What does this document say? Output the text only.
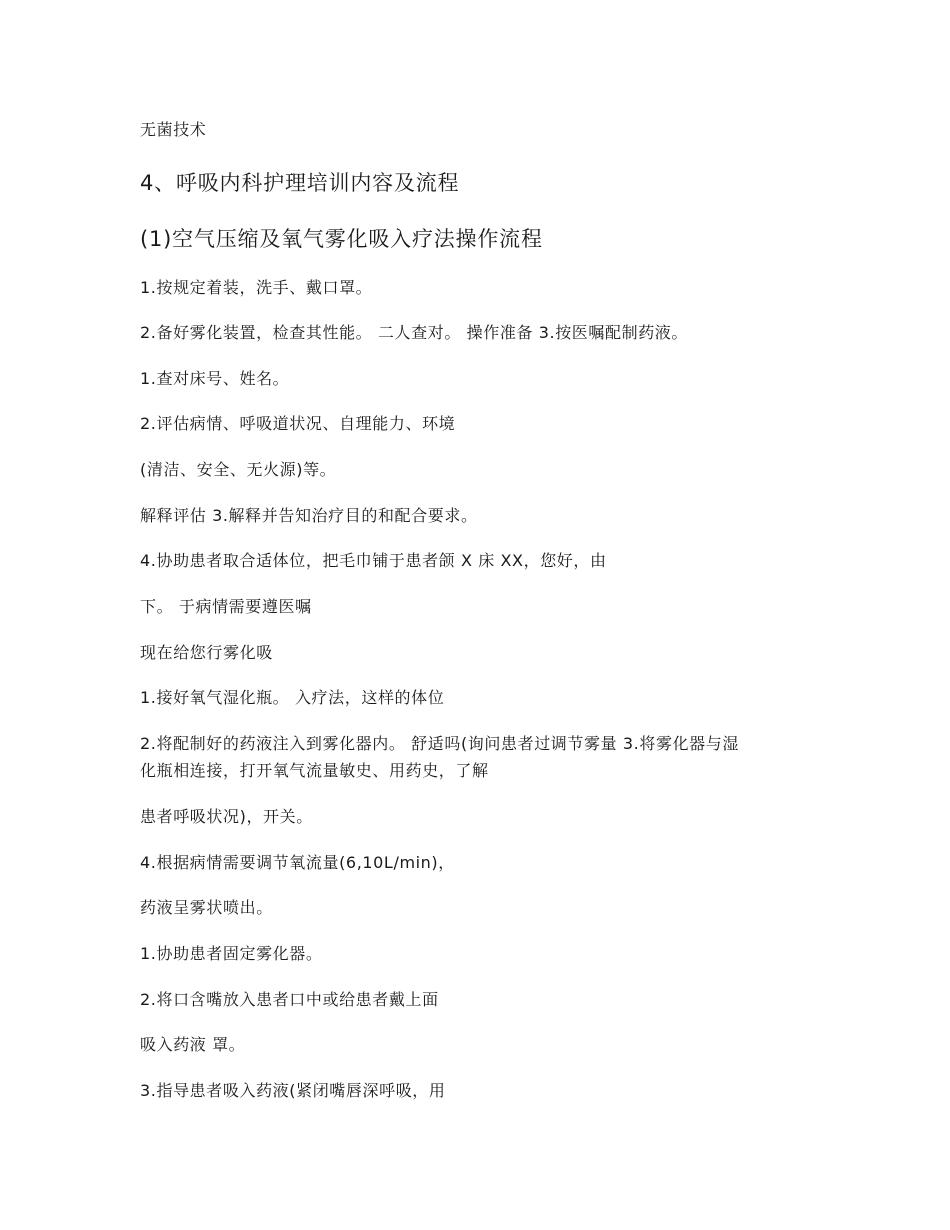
无菌技术
4、呼吸内科护理培训内容及流程
(1)空气压缩及氧气雾化吸入疗法操作流程
1.按规定着装，洗手、戴口罩。
2.备好雾化装置，检查其性能。 二人查对。 操作准备 3.按医嘱配制药液。
1.查对床号、姓名。
2.评估病情、呼吸道状况、自理能力、环境
(清洁、安全、无火源)等。
解释评估 3.解释并告知治疗目的和配合要求。
4.协助患者取合适体位，把毛巾铺于患者颌 X 床 XX，您好，由
下。 于病情需要遵医嘱
现在给您行雾化吸
1.接好氧气湿化瓶。 入疗法，这样的体位
2.将配制好的药液注入到雾化器内。 舒适吗(询问患者过调节雾量 3.将雾化器与湿
化瓶相连接，打开氧气流量敏史、用药史，了解
患者呼吸状况)，开关。
4.根据病情需要调节氧流量(6,10L/min)，
药液呈雾状喷出。
1.协助患者固定雾化器。
2.将口含嘴放入患者口中或给患者戴上面
吸入药液 罩。
3.指导患者吸入药液(紧闭嘴唇深呼吸，用
